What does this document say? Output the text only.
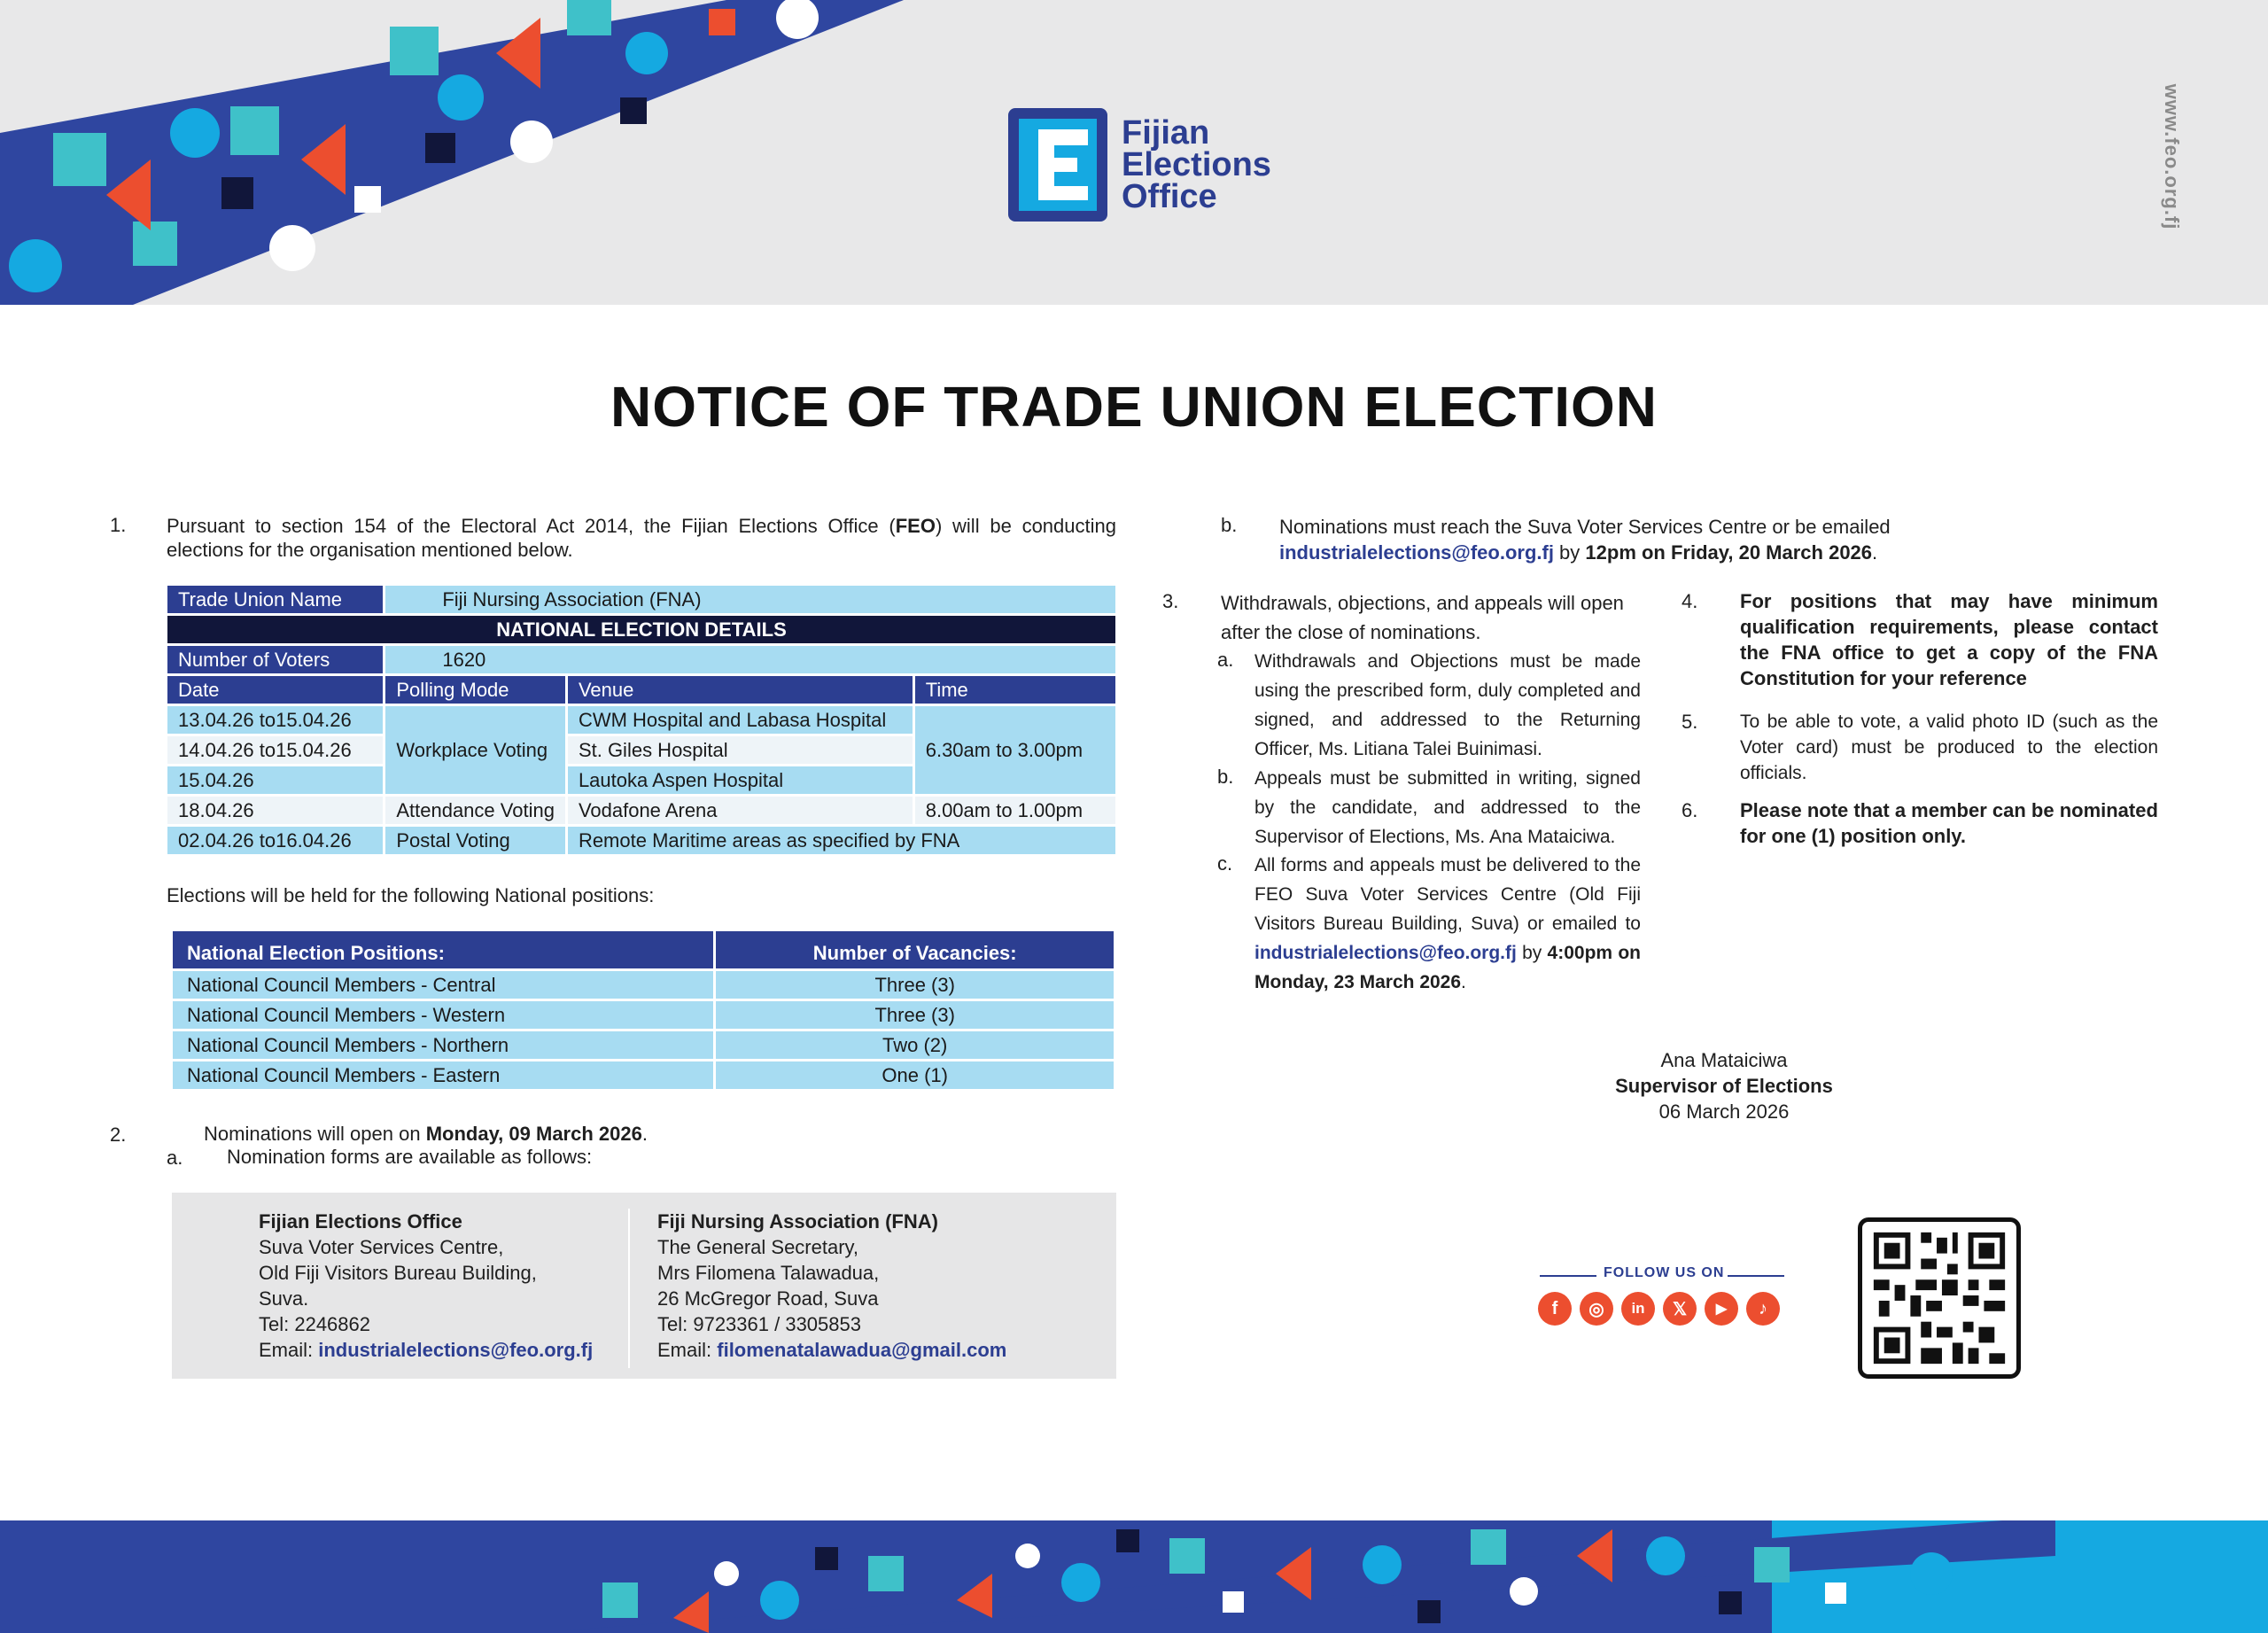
Fijian
Elections
Office	www.feo.org.fj
NOTICE OF TRADE UNION ELECTION
1. Pursuant to section 154 of the Electoral Act 2014, the Fijian Elections Office (FEO) will be conducting elections for the organisation mentioned below.
Trade Union Name	Fiji Nursing Association (FNA)		
NATIONAL ELECTION DETAILS			
Number of Voters	1620		
Date	Polling Mode	Venue	Time
13.04.26 to15.04.26	Workplace Voting	CWM Hospital and Labasa Hospital	6.30am to 3.00pm
14.04.26 to15.04.26		St. Giles Hospital	
15.04.26		Lautoka Aspen Hospital	
18.04.26	Attendance Voting	Vodafone Arena	8.00am to 1.00pm
02.04.26 to16.04.26	Postal Voting	Remote Maritime areas as specified by FNA	
Elections will be held for the following National positions:
National Election Positions:	Number of Vacancies:
National Council Members - Central	Three (3)
National Council Members - Western	Three (3)
National Council Members - Northern	Two (2)
National Council Members - Eastern	One (1)
2.	Nominations will open on Monday, 09 March 2026.
a. Nomination forms are available as follows:
Fijian Elections Office
Suva Voter Services Centre,
Old Fiji Visitors Bureau Building,
Suva.
Tel: 2246862
Email: industrialelections@feo.org.fj
Fiji Nursing Association (FNA)
The General Secretary,
Mrs Filomena Talawadua,
26 McGregor Road, Suva
Tel: 9723361 / 3305853
Email: filomenatalawadua@gmail.com
b. Nominations must reach the Suva Voter Services Centre or be emailed
industrialelections@feo.org.fj by 12pm on Friday, 20 March 2026.
3. Withdrawals, objections, and appeals will open after the close of nominations.
a. Withdrawals and Objections must be made using the prescribed form, duly completed and signed, and addressed to the Returning Officer, Ms. Litiana Talei Buinimasi.
b. Appeals must be submitted in writing, signed by the candidate, and addressed to the Supervisor of Elections, Ms. Ana Mataiciwa.
c. All forms and appeals must be delivered to the FEO Suva Voter Services Centre (Old Fiji Visitors Bureau Building, Suva) or emailed to industrialelections@feo.org.fj by 4:00pm on Monday, 23 March 2026.
4. For positions that may have minimum qualification requirements, please contact the FNA office to get a copy of the FNA Constitution for your reference
5. To be able to vote, a valid photo ID (such as the Voter card) must be produced to the election officials.
6. Please note that a member can be nominated for one (1) position only.
Ana Mataiciwa
Supervisor of Elections
06 March 2026
FOLLOW US ON
f	◎	in	𝕏	▶	♪
